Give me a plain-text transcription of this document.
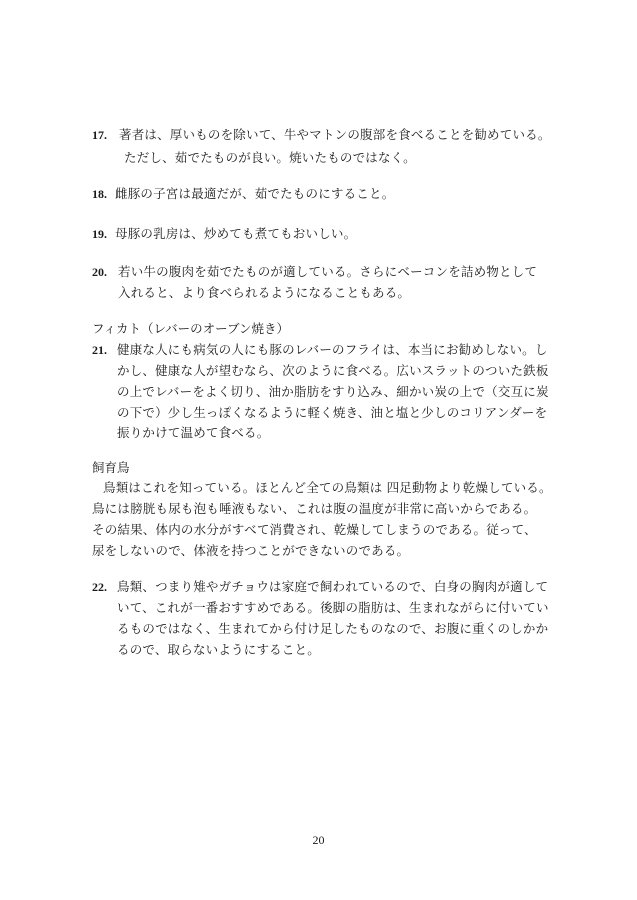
17. 著者は、厚いものを除いて、牛やマトンの腹部を食べることを勧めている。
ただし、茹でたものが良い。焼いたものではなく。
18. 雌豚の子宮は最適だが、茹でたものにすること。
19. 母豚の乳房は、炒めても煮てもおいしい。
20. 若い牛の腹肉を茹でたものが適している。さらにベーコンを詰め物として
入れると、より食べられるようになることもある。
フィカト（レバーのオーブン焼き）
21. 健康な人にも病気の人にも豚のレバーのフライは、本当にお勧めしない。し
かし、健康な人が望むなら、次のように食べる。広いスラットのついた鉄板
の上でレバーをよく切り、油か脂肪をすり込み、細かい炭の上で（交互に炭
の下で）少し生っぽくなるように軽く焼き、油と塩と少しのコリアンダーを
振りかけて温めて食べる。
飼育鳥
鳥類はこれを知っている。ほとんど全ての鳥類は 四足動物より乾燥している。
鳥には膀胱も尿も泡も唾液もない、これは腹の温度が非常に高いからである。
その結果、体内の水分がすべて消費され、乾燥してしまうのである。従って、
尿をしないので、体液を持つことができないのである。
22. 鳥類、つまり雉やガチョウは家庭で飼われているので、白身の胸肉が適して
いて、これが一番おすすめである。後脚の脂肪は、生まれながらに付いてい
るものではなく、生まれてから付け足したものなので、お腹に重くのしかか
るので、取らないようにすること。
20
